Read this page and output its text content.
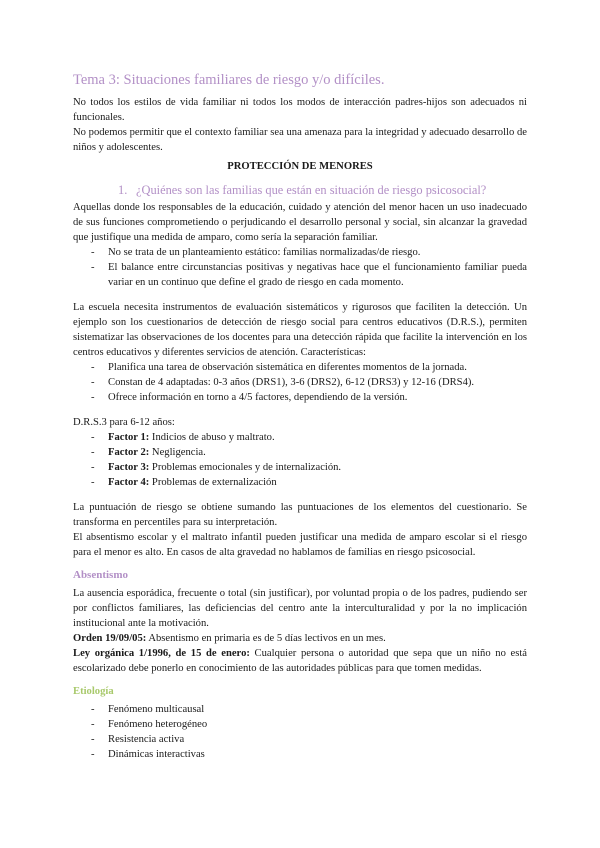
Tema 3: Situaciones familiares de riesgo y/o difíciles.

No todos los estilos de vida familiar ni todos los modos de interacción padres-hijos son adecuados ni funcionales.

No podemos permitir que el contexto familiar sea una amenaza para la integridad y adecuado desarrollo de niños y adolescentes.

PROTECCIÓN DE MENORES
1. ¿Quiénes son las familias que están en situación de riesgo psicosocial?

Aquellas donde los responsables de la educación, cuidado y atención del menor hacen un uso inadecuado de sus funciones comprometiendo o perjudicando el desarrollo personal y social, sin alcanzar la gravedad que justifique una medida de amparo, como sería la separación familiar.

- No se trata de un planteamiento estático: familias normalizadas/de riesgo.
- El balance entre circunstancias positivas y negativas hace que el funcionamiento familiar pueda variar en un continuo que define el grado de riesgo en cada momento.

La escuela necesita instrumentos de evaluación sistemáticos y rigurosos que faciliten la detección. Un ejemplo son los cuestionarios de detección de riesgo social para centros educativos (D.R.S.), permiten sistematizar las observaciones de los docentes para una detección rápida que facilite la intervención en los centros educativos y diferentes servicios de atención. Características:

- Planifica una tarea de observación sistemática en diferentes momentos de la jornada.
- Constan de 4 adaptadas: 0-3 años (DRS1), 3-6 (DRS2), 6-12 (DRS3) y 12-16 (DRS4).
- Ofrece información en torno a 4/5 factores, dependiendo de la versión.

D.R.S.3 para 6-12 años:

- Factor 1: Indicios de abuso y maltrato.
- Factor 2: Negligencia.
- Factor 3: Problemas emocionales y de internalización.
- Factor 4: Problemas de externalización

La puntuación de riesgo se obtiene sumando las puntuaciones de los elementos del cuestionario. Se transforma en percentiles para su interpretación.

El absentismo escolar y el maltrato infantil pueden justificar una medida de amparo escolar si el riesgo para el menor es alto. En casos de alta gravedad no hablamos de familias en riesgo psicosocial.

Absentismo

La ausencia esporádica, frecuente o total (sin justificar), por voluntad propia o de los padres, pudiendo ser por conflictos familiares, las deficiencias del centro ante la interculturalidad y por la no implicación institucional ante la motivación.

Orden 19/09/05: Absentismo en primaria es de 5 días lectivos en un mes.

Ley orgánica 1/1996, de 15 de enero: Cualquier persona o autoridad que sepa que un niño no está escolarizado debe ponerlo en conocimiento de las autoridades públicas para que tomen medidas.

Etiología
- Fenómeno multicausal
- Fenómeno heterogéneo
- Resistencia activa
- Dinámicas interactivas
